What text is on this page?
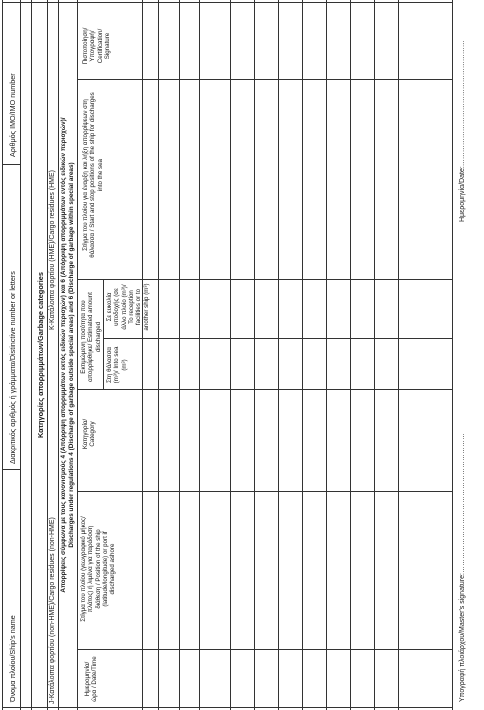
Όνομα πλοίου/Ship's name
Διακριτικός αριθμός ή γράμματα/Distinctive number or letters
Αριθμός IMO/IMO number
Κατηγορίες απορριμμάτων/Garbage categories
J-Κατάλοιπα φορτίου (non-HME)/Cargo residues (non-HME)
K-Κατάλοιπα φορτίου (HME)/Cargo residues (HME) Απορρίψεις σύμφωνα με τους κανονισμούς 4 (Απόρριψη απορριμμάτων εκτός ειδικών περιοχών) και 6 (Απόρριψη απορριμμάτων εντός ειδικών περιοχών)/ Discharges under regulations 4 (Discharge of garbage outside special areas) and 6 (Discharge of garbage within special areas)
Ημερομηνία/ώρα / Date/Time
Στίγμα του πλοίου (γεωγραφικό μήκος/πλάτος) ή λιμένα για παράδοση διάθεση / Position of the ship (latitude/longitude) or port if discharged ashore
Κατηγορία/ Category
Εκτιμώμενη ποσότητα που απορρίφθηκε/ Estimated amount discharged
Στη θάλασσα (m³)/ Into sea (m³)
Σε ευκολία υποδοχής (σε άλλο πλοίο (m³)/ To reception facilities or to another ship (m³)
Στίγμα του πλοίου για έναρξη και λήξη απορρίψεων στη θάλασσα / Start and stop positions of the ship for discharges into the sea
Πιστοποίηση/ Υπογραφή/ Certification/ Signature
Υπογραφή πλοιάρχου/Master's signature:……………………………………………………
Ημερομηνία/Date:………………………………………………
